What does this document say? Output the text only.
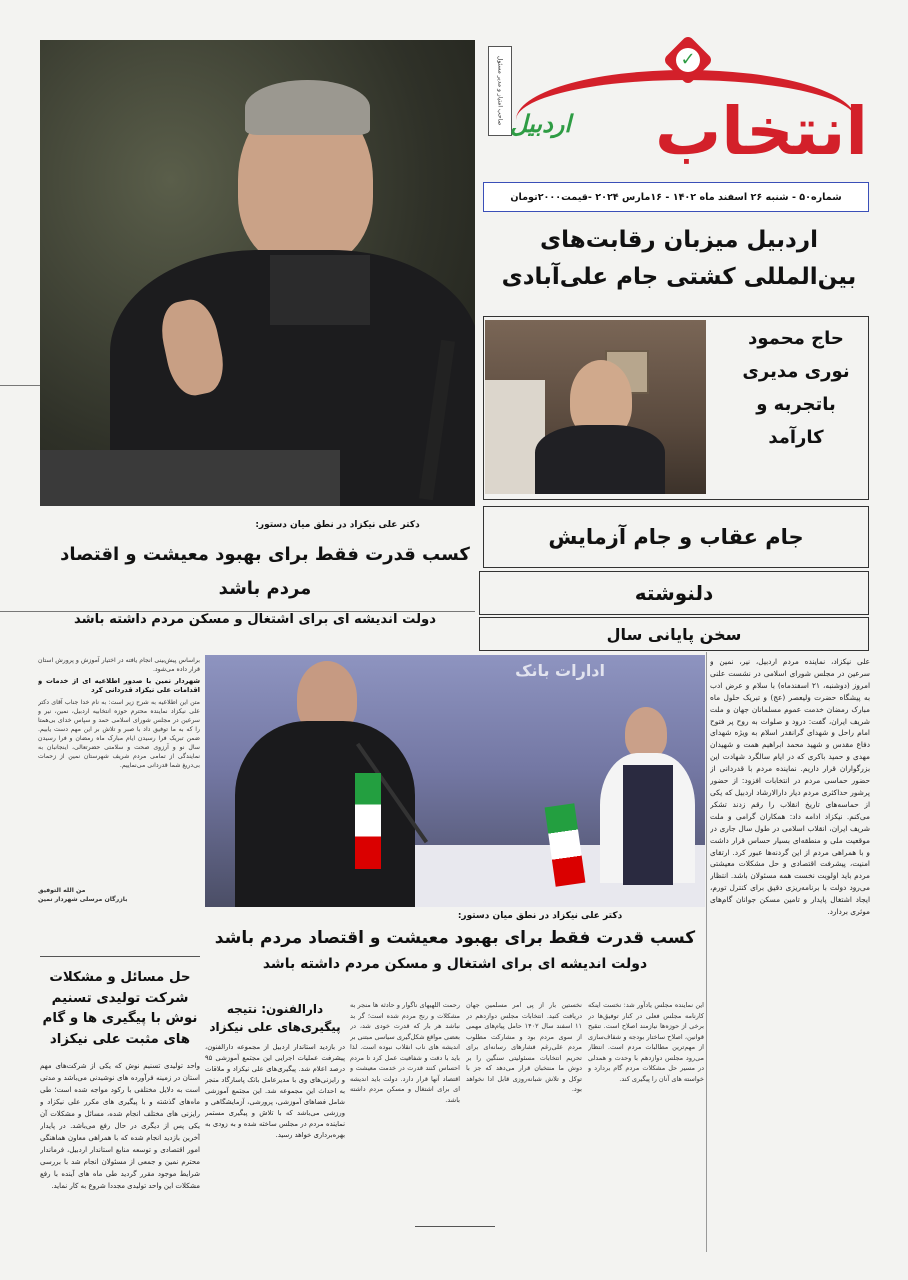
صاحب امتیاز و مدیر مسئول	✓
انتخاب
اردبیل
شماره۵۰ - شنبه ۲۶ اسفند ماه ۱۴۰۲ - ۱۶مارس ۲۰۲۴ -قیمت۲۰۰۰تومان
اردبیل میزبان رقابت‌های بین‌المللی کشتی جام علی‌آبادی
حاج محمود نوری مدیری باتجربه و کارآمد
جام عقاب و جام آزمایش
دلنوشته
سخن پایانی سال
دکتر علی نیکزاد در نطق میان دستور:
کسب قدرت فقط برای بهبود معیشت و اقتصاد مردم باشد
دولت اندیشه ای برای اشتغال و مسکن مردم داشته باشد
براساس پیش‌بینی انجام یافته در اختیار آموزش و پرورش استان قرار داده می‌شود.
شهردار نمین با صدور اطلاعیه ای از خدمات و اقدامات علی نیکزاد قدردانی کرد
متن این اطلاعیه به شرح زیر است: به نام خدا جناب آقای دکتر علی نیکزاد نماینده محترم حوزه انتخابیه اردبیل، نمین، نیر و سرعین در مجلس شورای اسلامی حمد و سپاس خدای بی‌همتا را که به ما توفیق داد با صبر و تلاش بر این مهم دست یابیم. ضمن تبریک فرا رسیدن ایام مبارک ماه رمضان و فرا رسیدن سال نو و آرزوی صحت و سلامتی حضرتعالی، اینجانبان به نمایندگی از تمامی مردم شریف شهرستان نمین از زحمات بی‌دریغ شما قدردانی می‌نماییم.
من الله التوفیق
بازرگان مرسلی شهردار نمین
ادارات بانک
دکتر علی نیکزاد در نطق میان دستور:
کسب قدرت فقط برای بهبود معیشت و اقتصاد مردم باشد
دولت اندیشه ای برای اشتغال و مسکن مردم داشته باشد
علی نیکزاد، نماینده مردم اردبیل، نیر، نمین و سرعین در مجلس شورای اسلامی در نشست علنی امروز (دوشنبه، ۲۱ اسفندماه) با سلام و عرض ادب به پیشگاه حضرت ولیعصر (عج) و تبریک حلول ماه مبارک رمضان خدمت عموم مسلمانان جهان و ملت شریف ایران، گفت: درود و صلوات به روح پر فتوح امام راحل و شهدای گرانقدر اسلام به ویژه شهدای دفاع مقدس و شهید محمد ابراهیم همت و شهیدان مهدی و حمید باکری که در ایام سالگرد شهادت این بزرگواران قرار داریم. نماینده مردم با قدردانی از حضور حماسی مردم در انتخابات افزود: از حضور پرشور حداکثری مردم دیار دارالارشاد اردبیل که یکی از حماسه‌های تاریخ انقلاب را رقم زدند تشکر می‌کنم. نیکزاد ادامه داد: همکاران گرامی و ملت شریف ایران، انقلاب اسلامی در طول سال جاری در موقعیت ملی و منطقه‌ای بسیار حساس قرار داشت و با همراهی مردم از این گردنه‌ها عبور کرد. ارتقای امنیت، پیشرفت اقتصادی و حل مشکلات معیشتی مردم باید اولویت نخست همه مسئولان باشد. انتظار می‌رود دولت با برنامه‌ریزی دقیق برای کنترل تورم، ایجاد اشتغال پایدار و تامین مسکن جوانان گام‌های موثری بردارد.
حل مسائل و مشکلات شرکت تولیدی تسنیم نوش با پیگیری ها و گام های مثبت علی نیکزاد
واحد تولیدی تسنیم نوش که یکی از شرکت‌های مهم استان در زمینه فرآورده های نوشیدنی می‌باشد و مدتی است به دلایل مختلفی با رکود مواجه شده است؛ طی ماه‌های گذشته و با پیگیری های مکرر علی نیکزاد و رایزنی های مختلف انجام شده، مسائل و مشکلات آن یکی پس از دیگری در حال رفع می‌باشد. در پایدار آخرین بازدید انجام شده که با همراهی معاون هماهنگی امور اقتصادی و توسعه منابع استاندار اردبیل، فرماندار محترم نمین و جمعی از مسئولان انجام شد با بررسی شرایط موجود مقرر گردید طی ماه های آینده با رفع مشکلات این واحد تولیدی مجددا شروع به کار نماید.
دارالفنون: نتیجه پیگیری‌های علی نیکزاد
در بازدید استاندار اردبیل از مجموعه دارالفنون، پیشرفت عملیات اجرایی این مجتمع آموزشی ۹۵ درصد اعلام شد. پیگیری‌های علی نیکزاد و ملاقات و رایزنی‌های وی با مدیرعامل بانک پاسارگاد منجر به احداث این مجموعه شد. این مجتمع آموزشی شامل فضاهای آموزشی، پرورشی، آزمایشگاهی و ورزشی می‌باشد که با تلاش و پیگیری مستمر نماینده مردم در مجلس ساخته شده و به زودی به بهره‌برداری خواهد رسید.
رحمت اللهیهای ناگوار و حادثه ها منجر به مشکلات و رنج مردم شده است؛ گر بد نباشد هر بار که قدرت خودی شد، در بعضی مواقع شکل‌گیری سیاسی مبتنی بر اندیشه های ناب انقلاب نبوده است. لذا باید با دقت و شفافیت عمل کرد تا مردم احساس کنند قدرت در خدمت معیشت و اقتصاد آنها قرار دارد. دولت باید اندیشه ای برای اشتغال و مسکن مردم داشته باشد.
نخستین بار از پی امر مسلمین جهان دریافت کنید. انتخابات مجلس دوازدهم در ۱۱ اسفند سال ۱۴۰۲ حامل پیام‌های مهمی از سوی مردم بود و مشارکت مطلوب مردم علی‌رغم فشارهای رسانه‌ای برای تحریم انتخابات مسئولیتی سنگین را بر دوش ما منتخبان قرار می‌دهد که جز با توکل و تلاش شبانه‌روزی قابل ادا نخواهد بود.
این نماینده مجلس یادآور شد: نخست اینکه کارنامه مجلس فعلی در کنار توفیق‌ها در برخی از حوزه‌ها نیازمند اصلاح است. تنقیح قوانین، اصلاح ساختار بودجه و شفاف‌سازی از مهم‌ترین مطالبات مردم است. انتظار می‌رود مجلس دوازدهم با وحدت و همدلی در مسیر حل مشکلات مردم گام بردارد و خواسته های آنان را پیگیری کند.
